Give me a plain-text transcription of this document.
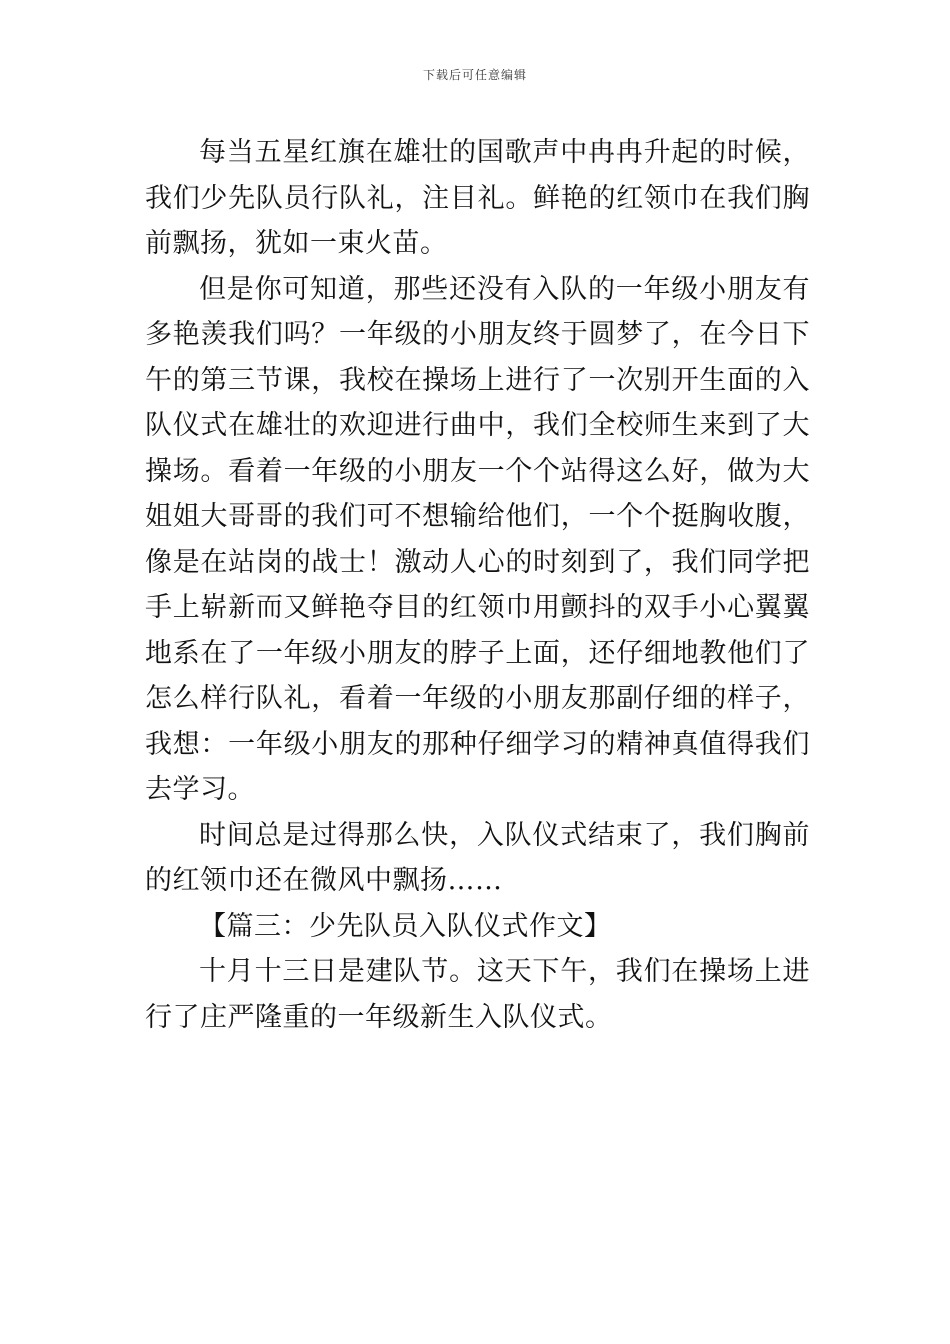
下载后可任意编辑

每当五星红旗在雄壮的国歌声中冉冉升起的时候，我们少先队员行队礼，注目礼。鲜艳的红领巾在我们胸前飘扬，犹如一束火苗。

但是你可知道，那些还没有入队的一年级小朋友有多艳羡我们吗？一年级的小朋友终于圆梦了，在今日下午的第三节课，我校在操场上进行了一次别开生面的入队仪式在雄壮的欢迎进行曲中，我们全校师生来到了大操场。看着一年级的小朋友一个个站得这么好，做为大姐姐大哥哥的我们可不想输给他们，一个个挺胸收腹，像是在站岗的战士！激动人心的时刻到了，我们同学把手上崭新而又鲜艳夺目的红领巾用颤抖的双手小心翼翼地系在了一年级小朋友的脖子上面，还仔细地教他们了怎么样行队礼，看着一年级的小朋友那副仔细的样子，我想：一年级小朋友的那种仔细学习的精神真值得我们去学习。

时间总是过得那么快，入队仪式结束了，我们胸前的红领巾还在微风中飘扬……

【篇三：少先队员入队仪式作文】

十月十三日是建队节。这天下午，我们在操场上进行了庄严隆重的一年级新生入队仪式。
